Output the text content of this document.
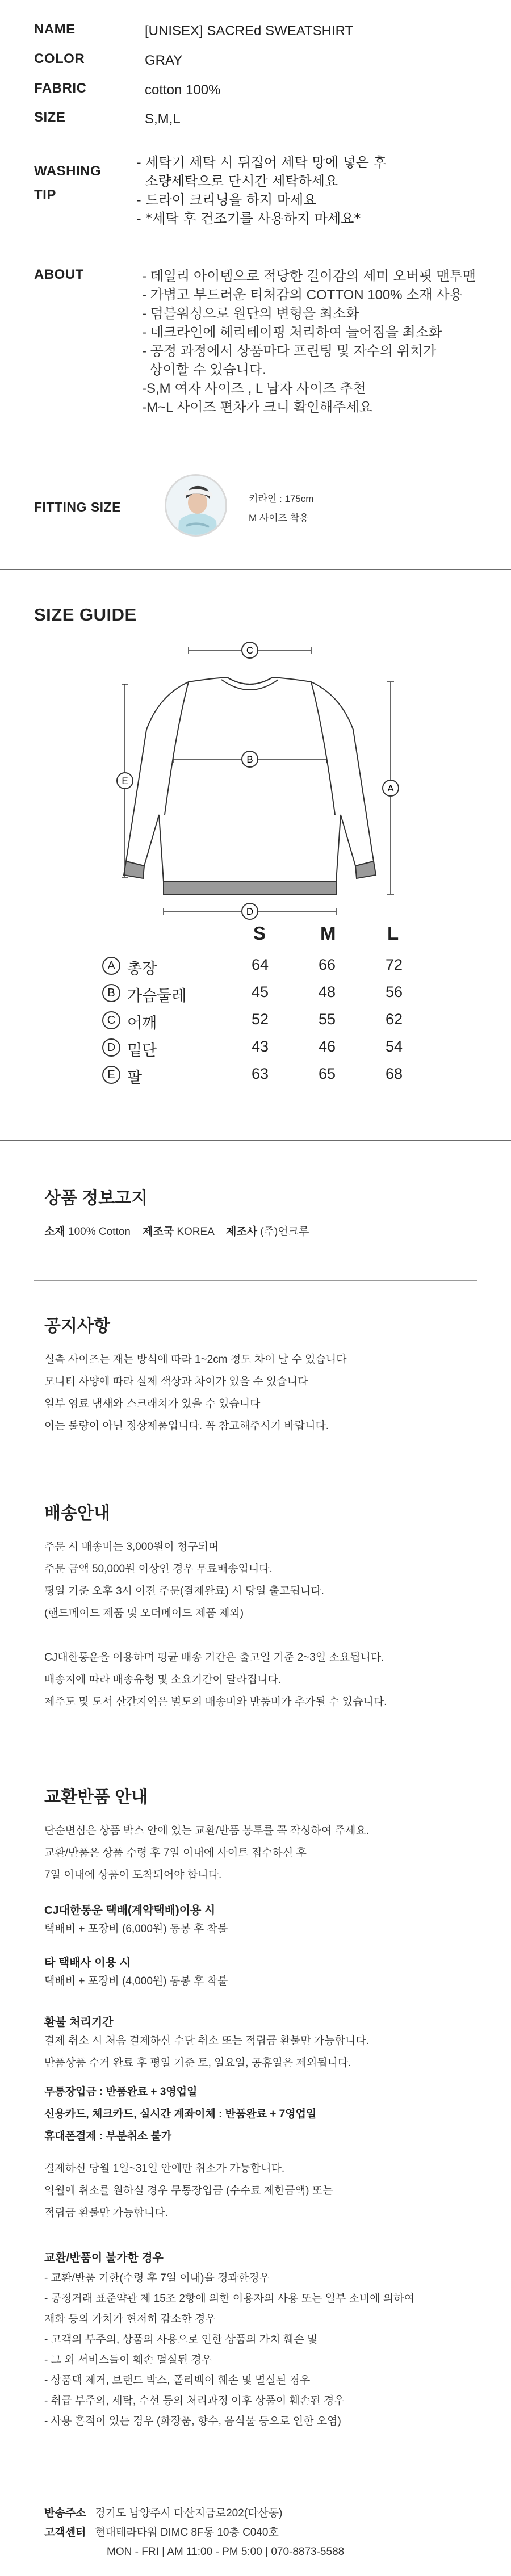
NAME	[UNISEX] SACREd SWEATSHIRT
COLOR	GRAY
FABRIC	cotton 100%
SIZE	S,M,L
WASHING
TIP
- 세탁기 세탁 시 뒤집어 세탁 망에 넣은 후
소량세탁으로 단시간 세탁하세요
- 드라이 크리닝을 하지 마세요
- *세탁 후 건조기를 사용하지 마세요*
ABOUT	- 데일리 아이템으로 적당한 길이감의 세미 오버핏 맨투맨
- 가볍고 부드러운 티처감의 COTTON 100% 소재 사용
- 덤블워싱으로 원단의 변형을 최소화
- 네크라인에 헤리테이핑 처리하여 늘어짐을 최소화
- 공정 과정에서 상품마다 프린팅 및 자수의 위치가
상이할 수 있습니다.
-S,M 여자 사이즈 , L 남자 사이즈 추천
-M~L 사이즈 편차가 크니 확인해주세요
FITTING SIZE
키라인 : 175cm
M 사이즈 착용
SIZE GUIDE
C
B
D
E
A
S	M	L
A 총장	64	66	72
B 가슴둘레	45	48	56
C 어깨	52	55	62
D 밑단	43	46	54
E 팔	63	65	68
상품 정보고지
소재 100% Cotton 제조국 KOREA 제조사 (주)언크루
공지사항
실측 사이즈는 재는 방식에 따라 1~2cm 정도 차이 날 수 있습니다
모니터 사양에 따라 실제 색상과 차이가 있을 수 있습니다
일부 염료 냄새와 스크래치가 있을 수 있습니다
이는 불량이 아닌 정상제품입니다. 꼭 참고해주시기 바랍니다.
배송안내
주문 시 배송비는 3,000원이 청구되며
주문 금액 50,000원 이상인 경우 무료배송입니다.
평일 기준 오후 3시 이전 주문(결제완료) 시 당일 출고됩니다.
(핸드메이드 제품 및 오더메이드 제품 제외)
CJ대한통운을 이용하며 평균 배송 기간은 출고일 기준 2~3일 소요됩니다.
배송지에 따라 배송유형 및 소요기간이 달라집니다.
제주도 및 도서 산간지역은 별도의 배송비와 반품비가 추가될 수 있습니다.
교환반품 안내
단순변심은 상품 박스 안에 있는 교환/반품 봉투를 꼭 작성하여 주세요.
교환/반품은 상품 수령 후 7일 이내에 사이트 접수하신 후
7일 이내에 상품이 도착되어야 합니다.
CJ대한통운 택배(계약택배)이용 시
택배비 + 포장비 (6,000원) 동봉 후 착불
타 택배사 이용 시
택배비 + 포장비 (4,000원) 동봉 후 착불
환불 처리기간
결제 취소 시 처음 결제하신 수단 취소 또는 적립금 환불만 가능합니다.
반품상품 수거 완료 후 평일 기준 토, 일요일, 공휴일은 제외됩니다.
무통장입금 : 반품완료 + 3영업일
신용카드, 체크카드, 실시간 계좌이체 : 반품완료 + 7영업일
휴대폰결제 : 부분취소 불가
결제하신 당월 1일~31일 안에만 취소가 가능합니다.
익월에 취소를 원하실 경우 무통장입금 (수수료 제한금액) 또는
적립금 환불만 가능합니다.
교환/반품이 불가한 경우
- 교환/반품 기한(수령 후 7일 이내)을 경과한경우
- 공정거래 표준약관 제 15조 2항에 의한 이용자의 사용 또는 일부 소비에 의하여
재화 등의 가치가 현저히 감소한 경우
- 고객의 부주의, 상품의 사용으로 인한 상품의 가치 훼손 및
- 그 외 서비스들이 훼손 멸실된 경우
- 상품택 제거, 브랜드 박스, 폴리백이 훼손 및 멸실된 경우
- 취급 부주의, 세탁, 수선 등의 처리과정 이후 상품이 훼손된 경우
- 사용 흔적이 있는 경우 (화장품, 향수, 음식물 등으로 인한 오염)
반송주소 경기도 남양주시 다산지금로202(다산동)
고객센터 현대테라타워 DIMC 8F동 10층 C040호
MON - FRI | AM 11:00 - PM 5:00 | 070-8873-5588
